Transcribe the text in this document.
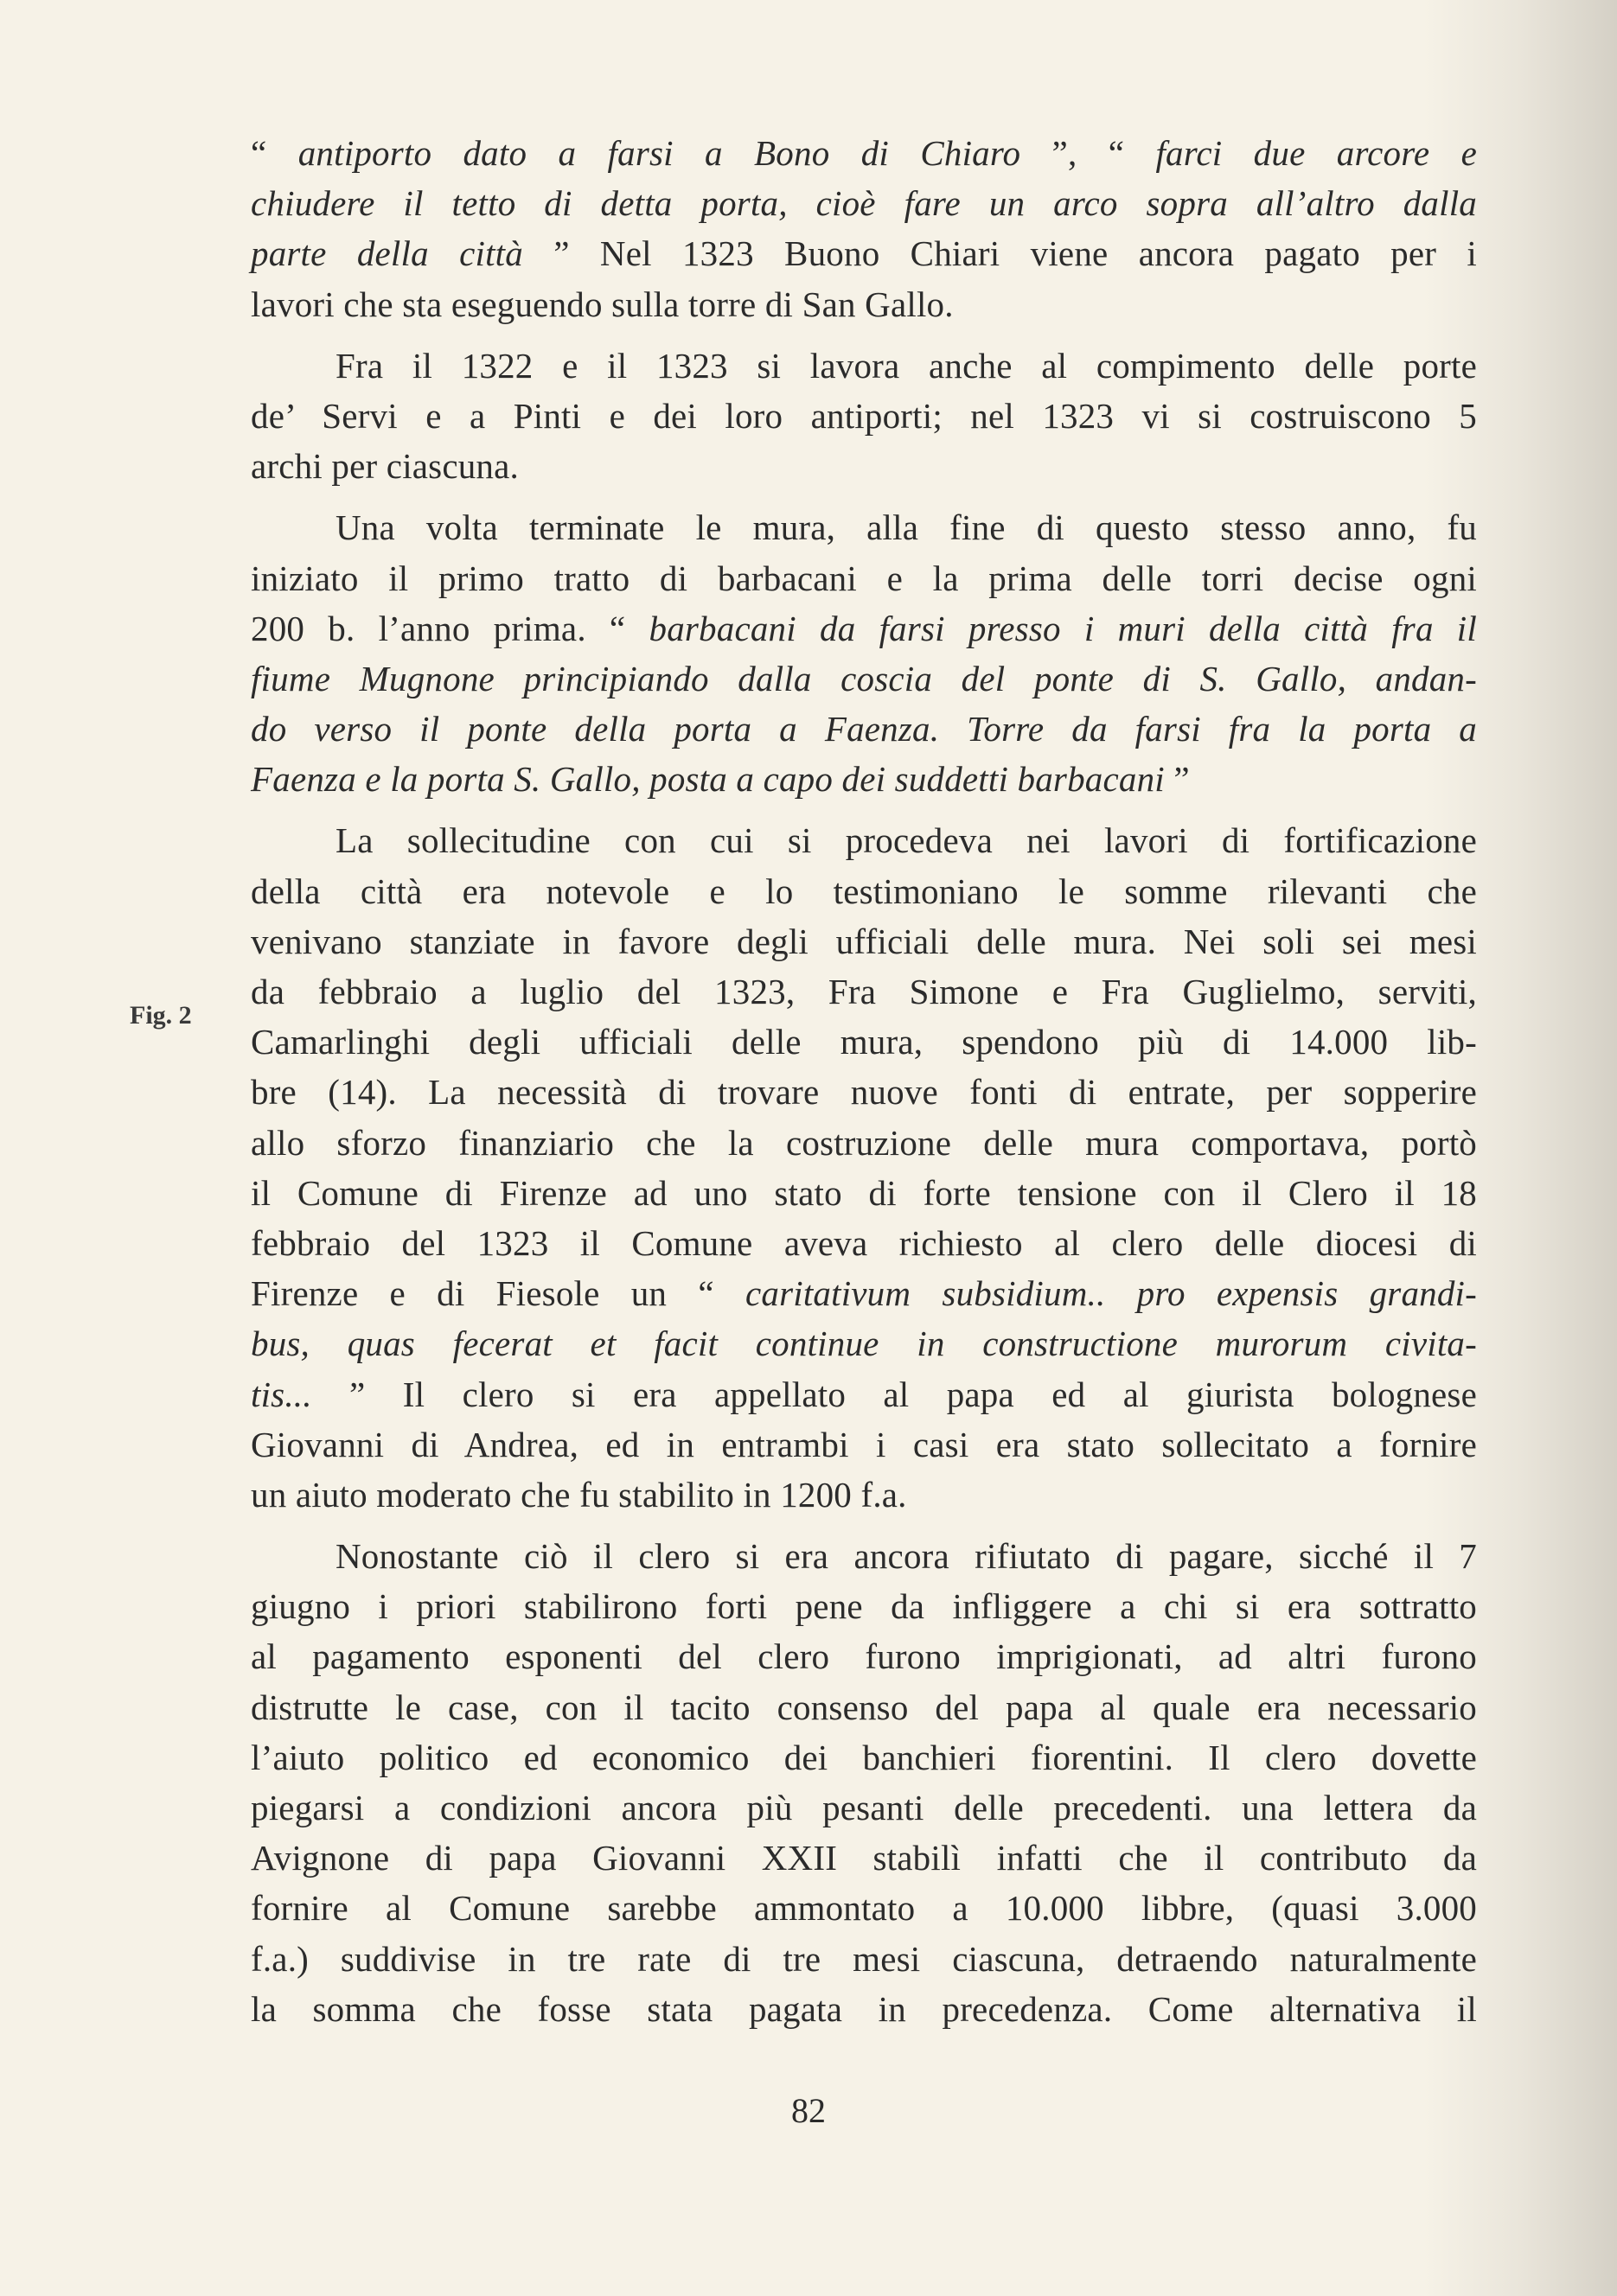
Fig. 2
“ antiporto dato a farsi a Bono di Chiaro ”, “ farci due arcore e
chiudere il tetto di detta porta, cioè fare un arco sopra all’altro dalla
parte della città ” Nel 1323 Buono Chiari viene ancora pagato per i
lavori che sta eseguendo sulla torre di San Gallo.
Fra il 1322 e il 1323 si lavora anche al compimento delle porte
de’ Servi e a Pinti e dei loro antiporti; nel 1323 vi si costruiscono 5
archi per ciascuna.
Una volta terminate le mura, alla fine di questo stesso anno, fu
iniziato il primo tratto di barbacani e la prima delle torri decise ogni
200 b. l’anno prima. “ barbacani da farsi presso i muri della città fra il
fiume Mugnone principiando dalla coscia del ponte di S. Gallo, andan-
do verso il ponte della porta a Faenza. Torre da farsi fra la porta a
Faenza e la porta S. Gallo, posta a capo dei suddetti barbacani ”
La sollecitudine con cui si procedeva nei lavori di fortificazione
della città era notevole e lo testimoniano le somme rilevanti che
venivano stanziate in favore degli ufficiali delle mura. Nei soli sei mesi
da febbraio a luglio del 1323, Fra Simone e Fra Guglielmo, serviti,
Camarlinghi degli ufficiali delle mura, spendono più di 14.000 lib-
bre (14). La necessità di trovare nuove fonti di entrate, per sopperire
allo sforzo finanziario che la costruzione delle mura comportava, portò
il Comune di Firenze ad uno stato di forte tensione con il Clero il 18
febbraio del 1323 il Comune aveva richiesto al clero delle diocesi di
Firenze e di Fiesole un “ caritativum subsidium.. pro expensis grandi-
bus, quas fecerat et facit continue in constructione murorum civita-
tis... ” Il clero si era appellato al papa ed al giurista bolognese
Giovanni di Andrea, ed in entrambi i casi era stato sollecitato a fornire
un aiuto moderato che fu stabilito in 1200 f.a.
Nonostante ciò il clero si era ancora rifiutato di pagare, sicché il 7
giugno i priori stabilirono forti pene da infliggere a chi si era sottratto
al pagamento esponenti del clero furono imprigionati, ad altri furono
distrutte le case, con il tacito consenso del papa al quale era necessario
l’aiuto politico ed economico dei banchieri fiorentini. Il clero dovette
piegarsi a condizioni ancora più pesanti delle precedenti. una lettera da
Avignone di papa Giovanni XXII stabilì infatti che il contributo da
fornire al Comune sarebbe ammontato a 10.000 libbre, (quasi 3.000
f.a.) suddivise in tre rate di tre mesi ciascuna, detraendo naturalmente
la somma che fosse stata pagata in precedenza. Come alternativa il
82
